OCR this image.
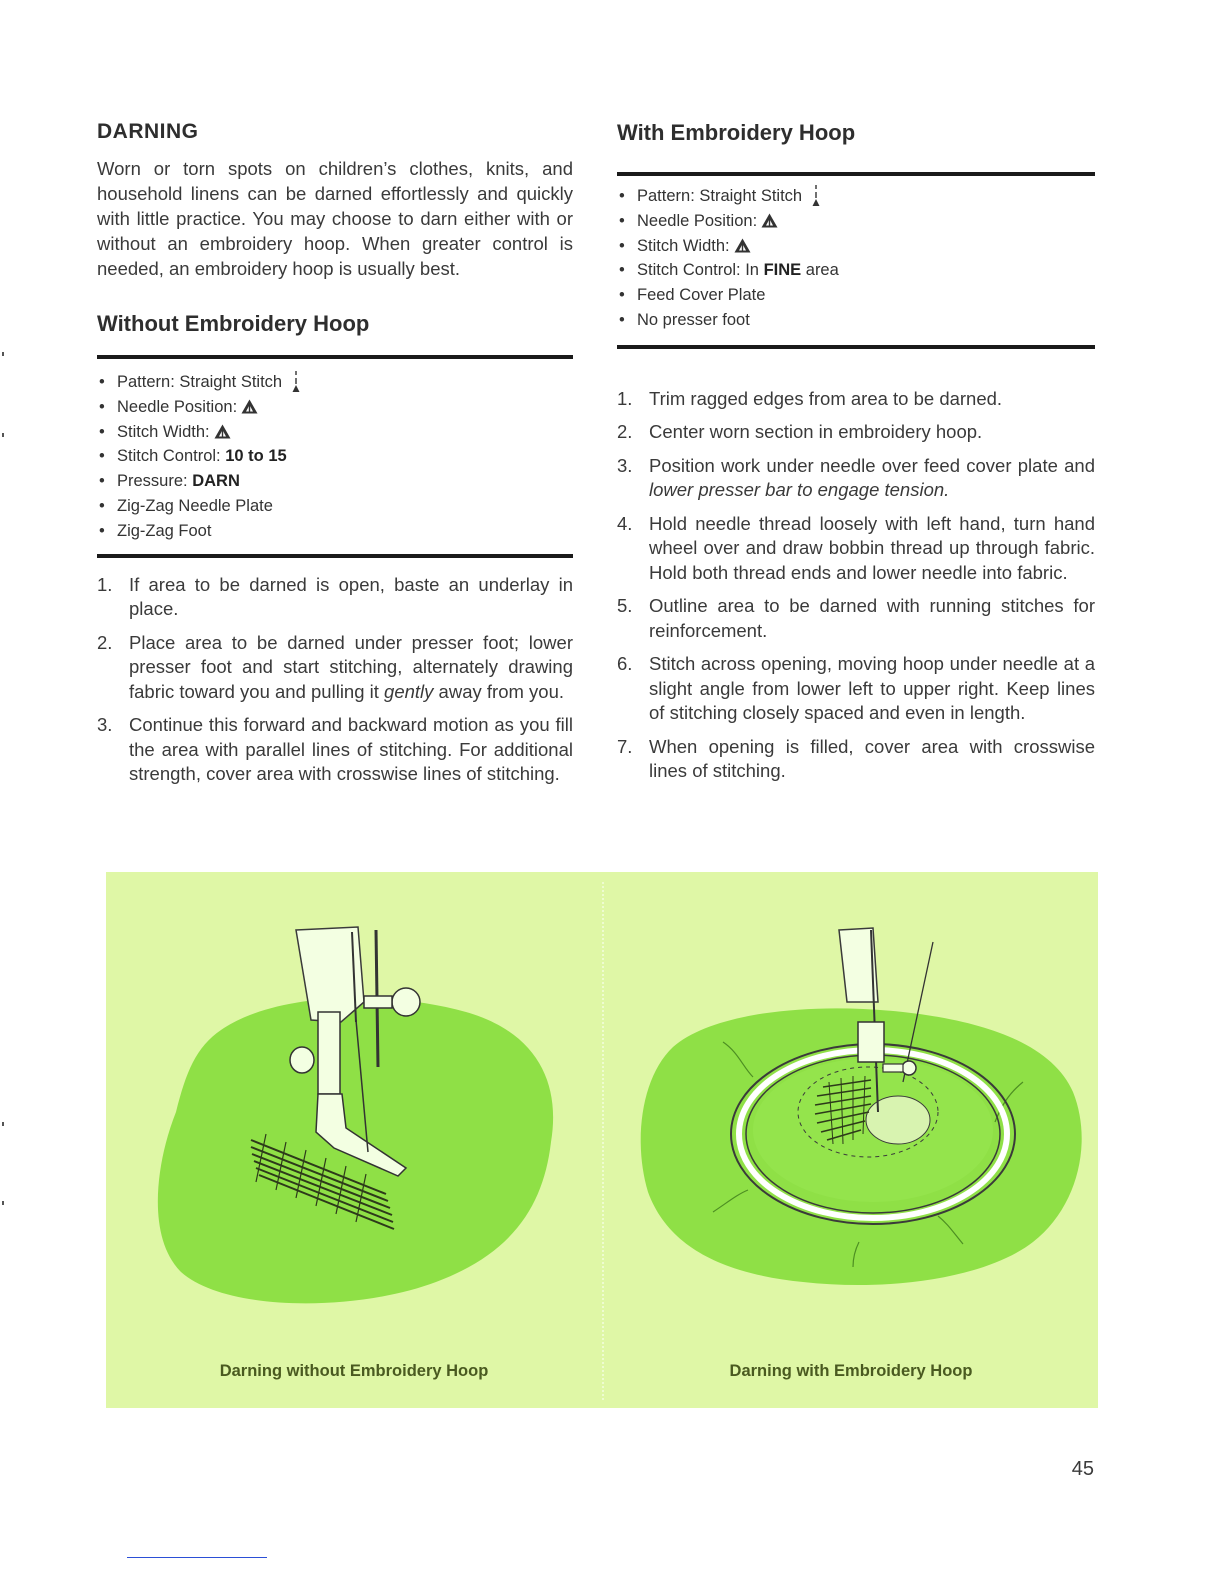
DARNING

Worn or torn spots on children’s clothes, knits, and household linens can be darned effortlessly and quickly with little practice. You may choose to darn either with or without an embroidery hoop. When greater control is needed, an embroidery hoop is usually best.

Without Embroidery Hoop
• Pattern: Straight Stitch
• Needle Position:
• Stitch Width:
• Stitch Control: 10 to 15
• Pressure: DARN
• Zig-Zag Needle Plate
• Zig-Zag Foot
1. If area to be darned is open, baste an underlay in place.
2. Place area to be darned under presser foot; lower presser foot and start stitching, alternately drawing fabric toward you and pulling it gently away from you.
3. Continue this forward and backward motion as you fill the area with parallel lines of stitching. For additional strength, cover area with crosswise lines of stitching.
With Embroidery Hoop
• Pattern: Straight Stitch
• Needle Position:
• Stitch Width:
• Stitch Control: In FINE area
• Feed Cover Plate
• No presser foot
1. Trim ragged edges from area to be darned.
2. Center worn section in embroidery hoop.
3. Position work under needle over feed cover plate and lower presser bar to engage tension.
4. Hold needle thread loosely with left hand, turn hand wheel over and draw bobbin thread up through fabric. Hold both thread ends and lower needle into fabric.
5. Outline area to be darned with running stitches for reinforcement.
6. Stitch across opening, moving hoop under needle at a slight angle from lower left to upper right. Keep lines of stitching closely spaced and even in length.
7. When opening is filled, cover area with crosswise lines of stitching.
Darning without Embroidery Hoop	Darning with Embroidery Hoop
45
